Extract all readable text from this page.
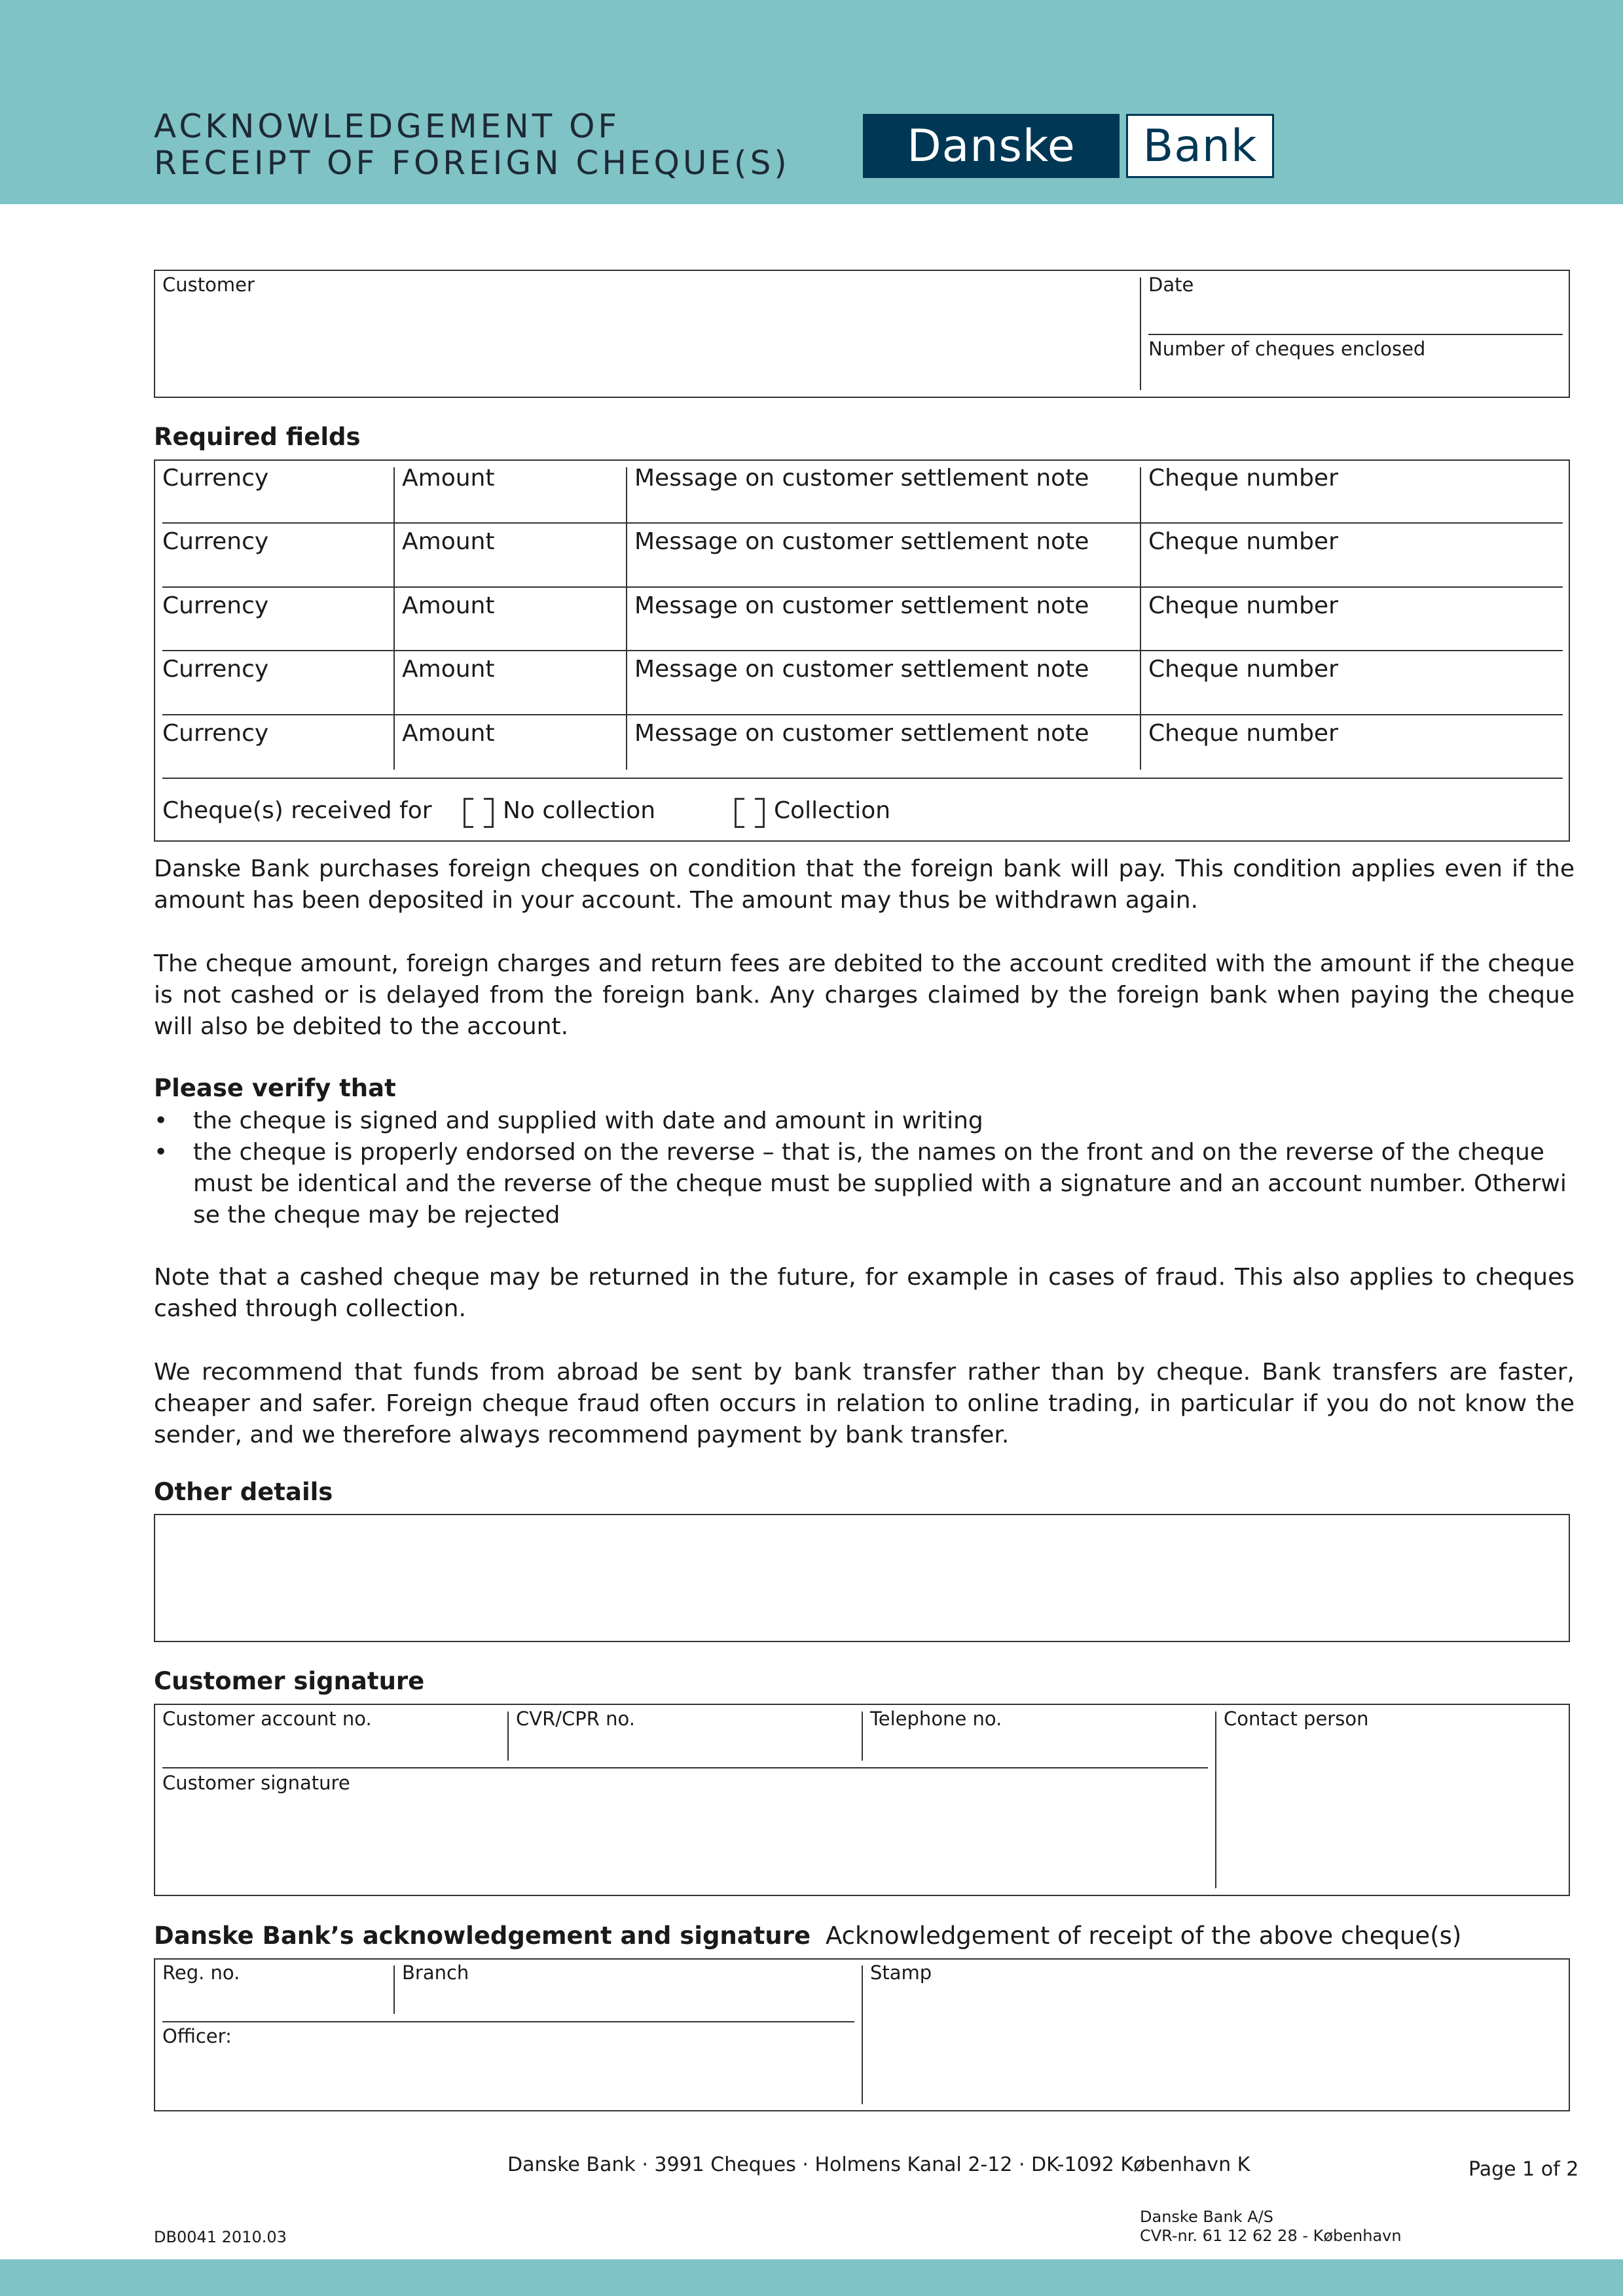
ACKNOWLEDGEMENT OF
RECEIPT OF FOREIGN CHEQUE(S)	Danske	Bank
Customer	Date
Number of cheques enclosed
Required fields
Currency	Amount	Message on customer settlement note	Cheque number
Currency	Amount	Message on customer settlement note	Cheque number
Currency	Amount	Message on customer settlement note	Cheque number
Currency	Amount	Message on customer settlement note	Cheque number
Currency	Amount	Message on customer settlement note	Cheque number
Cheque(s) received for	No collection	Collection

Danske Bank purchases foreign cheques on condition that the foreign bank will pay. This condition applies even if the amount has been deposited in your account. The amount may thus be withdrawn again.

The cheque amount, foreign charges and return fees are debited to the account credited with the amount if the cheque is not cashed or is delayed from the foreign bank. Any charges claimed by the foreign bank when paying the cheque will also be debited to the account.

Please verify that
• the cheque is signed and supplied with date and amount in writing
• the cheque is properly endorsed on the reverse – that is, the names on the front and on the reverse of the cheque must be identical and the reverse of the cheque must be supplied with a signature and an account number. Otherwi se the cheque may be rejected

Note that a cashed cheque may be returned in the future, for example in cases of fraud. This also applies to cheques cashed through collection.

We recommend that funds from abroad be sent by bank transfer rather than by cheque. Bank transfers are faster, cheaper and safer. Foreign cheque fraud often occurs in relation to online trading, in particular if you do not know the sender, and we therefore always recommend payment by bank transfer.

Other details
Customer signature
Customer account no.	CVR/CPR no.	Telephone no.	Contact person
Customer signature
Danske Bank’s acknowledgement and signature Acknowledgement of receipt of the above cheque(s)
Reg. no.	Branch	Stamp
Officer:
Danske Bank · 3991 Cheques · Holmens Kanal 2-12 · DK-1092 København K	Page 1 of 2
Danske Bank A/S
CVR-nr. 61 12 62 28 - København
DB0041 2010.03
